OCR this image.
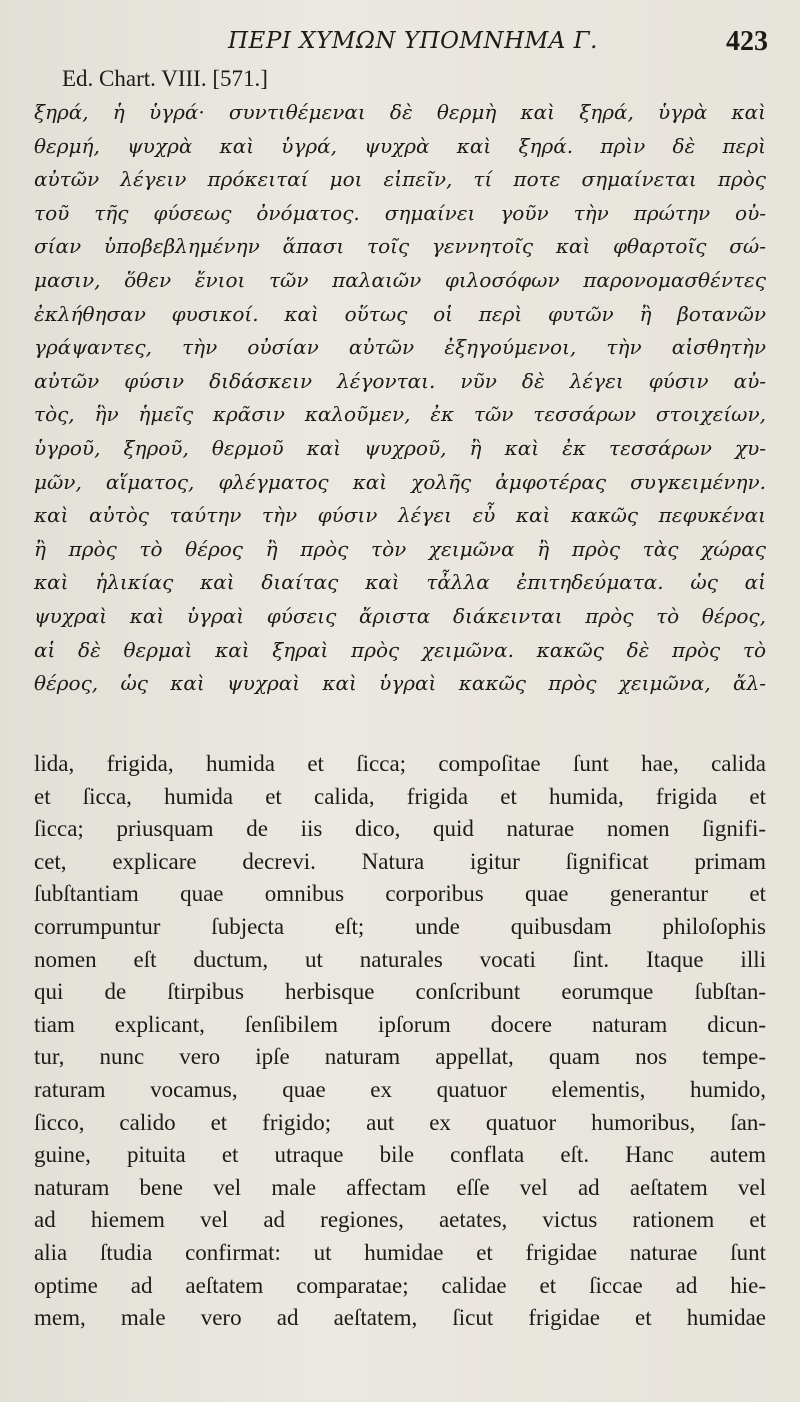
ΠΕΡΙ ΧΥΜΩΝ ΥΠΟΜΝΗΜΑ Γ.	423
Ed. Chart. VIII. [571.]
ξηρά, ἡ ὑγρά· συντιθέμεναι δὲ θερμὴ καὶ ξηρά, ὑγρὰ καὶ
θερμή, ψυχρὰ καὶ ὑγρά, ψυχρὰ καὶ ξηρά. πρὶν δὲ περὶ
αὐτῶν λέγειν πρόκειταί μοι εἰπεῖν, τί ποτε σημαίνεται πρὸς
τοῦ τῆς φύσεως ὀνόματος. σημαίνει γοῦν τὴν πρώτην οὐ-
σίαν ὑποβεβλημένην ἅπασι τοῖς γεννητοῖς καὶ φθαρτοῖς σώ-
μασιν, ὅθεν ἔνιοι τῶν παλαιῶν φιλοσόφων παρονομασθέντες
ἐκλήθησαν φυσικοί. καὶ οὕτως οἱ περὶ φυτῶν ἢ βοτανῶν
γράψαντες, τὴν οὐσίαν αὐτῶν ἐξηγούμενοι, τὴν αἰσθητὴν
αὐτῶν φύσιν διδάσκειν λέγονται. νῦν δὲ λέγει φύσιν αὐ-
τὸς, ἣν ἡμεῖς κρᾶσιν καλοῦμεν, ἐκ τῶν τεσσάρων στοιχείων,
ὑγροῦ, ξηροῦ, θερμοῦ καὶ ψυχροῦ, ἢ καὶ ἐκ τεσσάρων χυ-
μῶν, αἵματος, φλέγματος καὶ χολῆς ἀμφοτέρας συγκειμένην.
καὶ αὐτὸς ταύτην τὴν φύσιν λέγει εὖ καὶ κακῶς πεφυκέναι
ἢ πρὸς τὸ θέρος ἢ πρὸς τὸν χειμῶνα ἢ πρὸς τὰς χώρας
καὶ ἡλικίας καὶ διαίτας καὶ τἆλλα ἐπιτηδεύματα. ὡς αἱ
ψυχραὶ καὶ ὑγραὶ φύσεις ἄριστα διάκεινται πρὸς τὸ θέρος,
αἱ δὲ θερμαὶ καὶ ξηραὶ πρὸς χειμῶνα. κακῶς δὲ πρὸς τὸ
θέρος, ὡς καὶ ψυχραὶ καὶ ὑγραὶ κακῶς πρὸς χειμῶνα, ἄλ-
lida, frigida, humida et ſicca; compoſitae ſunt hae, calida
et ſicca, humida et calida, frigida et humida, frigida et
ſicca; priusquam de iis dico, quid naturae nomen ſignifi-
cet, explicare decrevi. Natura igitur ſignificat primam
ſubſtantiam quae omnibus corporibus quae generantur et
corrumpuntur ſubjecta eſt; unde quibusdam philoſophis
nomen eſt ductum, ut naturales vocati ſint. Itaque illi
qui de ſtirpibus herbisque conſcribunt eorumque ſubſtan-
tiam explicant, ſenſibilem ipſorum docere naturam dicun-
tur, nunc vero ipſe naturam appellat, quam nos tempe-
raturam vocamus, quae ex quatuor elementis, humido,
ſicco, calido et frigido; aut ex quatuor humoribus, ſan-
guine, pituita et utraque bile conflata eſt. Hanc autem
naturam bene vel male affectam eſſe vel ad aeſtatem vel
ad hiemem vel ad regiones, aetates, victus rationem et
alia ſtudia confirmat: ut humidae et frigidae naturae ſunt
optime ad aeſtatem comparatae; calidae et ſiccae ad hie-
mem, male vero ad aeſtatem, ſicut frigidae et humidae
